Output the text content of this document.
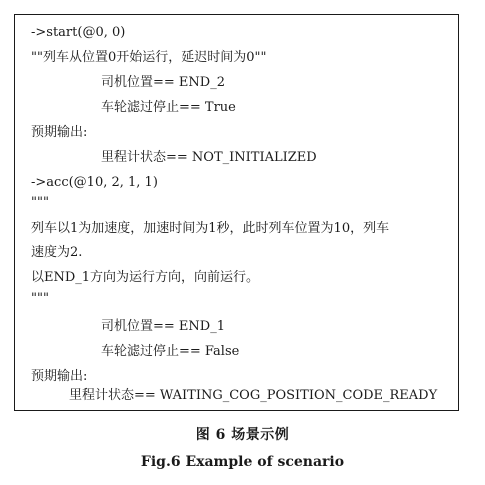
->start(@0, 0)
""列车从位置0开始运行，延迟时间为0""
司机位置== END_2
车轮滤过停止== True
预期输出:
里程计状态== NOT_INITIALIZED
->acc(@10, 2, 1, 1)
"""
列车以1为加速度，加速时间为1秒，此时列车位置为10，列车
速度为2.
以END_1方向为运行方向，向前运行。
"""
司机位置== END_1
车轮滤过停止== False
预期输出:
里程计状态== WAITING_COG_POSITION_CODE_READY
图 6 场景示例
Fig.6 Example of scenario
